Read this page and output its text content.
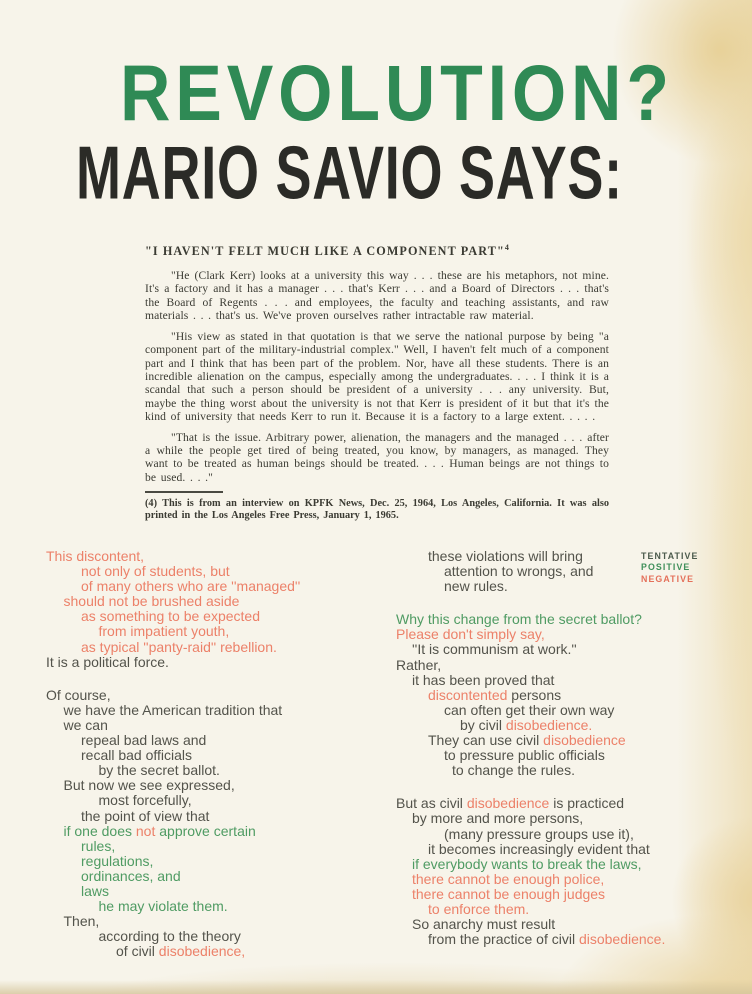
REVOLUTION?
MARIO SAVIO SAYS:
"I HAVEN'T FELT MUCH LIKE A COMPONENT PART"$^4$

"He (Clark Kerr) looks at a university this way . . . these are his metaphors, not mine. It's a factory and it has a manager . . . that's Kerr . . . and a Board of Directors . . . that's the Board of Regents . . . and employees, the faculty and teaching assistants, and raw materials . . . that's us. We've proven ourselves rather intractable raw material.

"His view as stated in that quotation is that we serve the national purpose by being "a component part of the military-industrial complex." Well, I haven't felt much of a component part and I think that has been part of the problem. Nor, have all these students. There is an incredible alienation on the campus, especially among the undergraduates. . . . I think it is a scandal that such a person should be president of a university . . . any university. But, maybe the thing worst about the university is not that Kerr is president of it but that it's the kind of university that needs Kerr to run it. Because it is a factory to a large extent. . . . .

"That is the issue. Arbitrary power, alienation, the managers and the managed . . . after a while the people get tired of being treated, you know, by managers, as managed. They want to be treated as human beings should be treated. . . . Human beings are not things to be used. . . ."

(4) This is from an interview on KPFK News, Dec. 25, 1964, Los Angeles, California. It was also printed in the Los Angeles Free Press, January 1, 1965.
TENTATIVE
POSITIVE
NEGATIVE
This discontent,
not only of students, but
of many others who are ''managed''
should not be brushed aside
as something to be expected
from impatient youth,
as typical ''panty-raid'' rebellion.
It is a political force.
Of course,
we have the American tradition that
we can
repeal bad laws and
recall bad officials
by the secret ballot.
But now we see expressed,
most forcefully,
the point of view that
if one does not approve certain
rules,
regulations,
ordinances, and
laws
he may violate them.
Then,
according to the theory
of civil disobedience,
these violations will bring
attention to wrongs, and
new rules.
Why this change from the secret ballot?
Please don't simply say,
''It is communism at work.''
Rather,
it has been proved that
discontented persons
can often get their own way
by civil disobedience.
They can use civil disobedience
to pressure public officials
to change the rules.
But as civil disobedience is practiced
by more and more persons,
(many pressure groups use it),
it becomes increasingly evident that
if everybody wants to break the laws,
there cannot be enough police,
there cannot be enough judges
to enforce them.
So anarchy must result
from the practice of civil disobedience.
